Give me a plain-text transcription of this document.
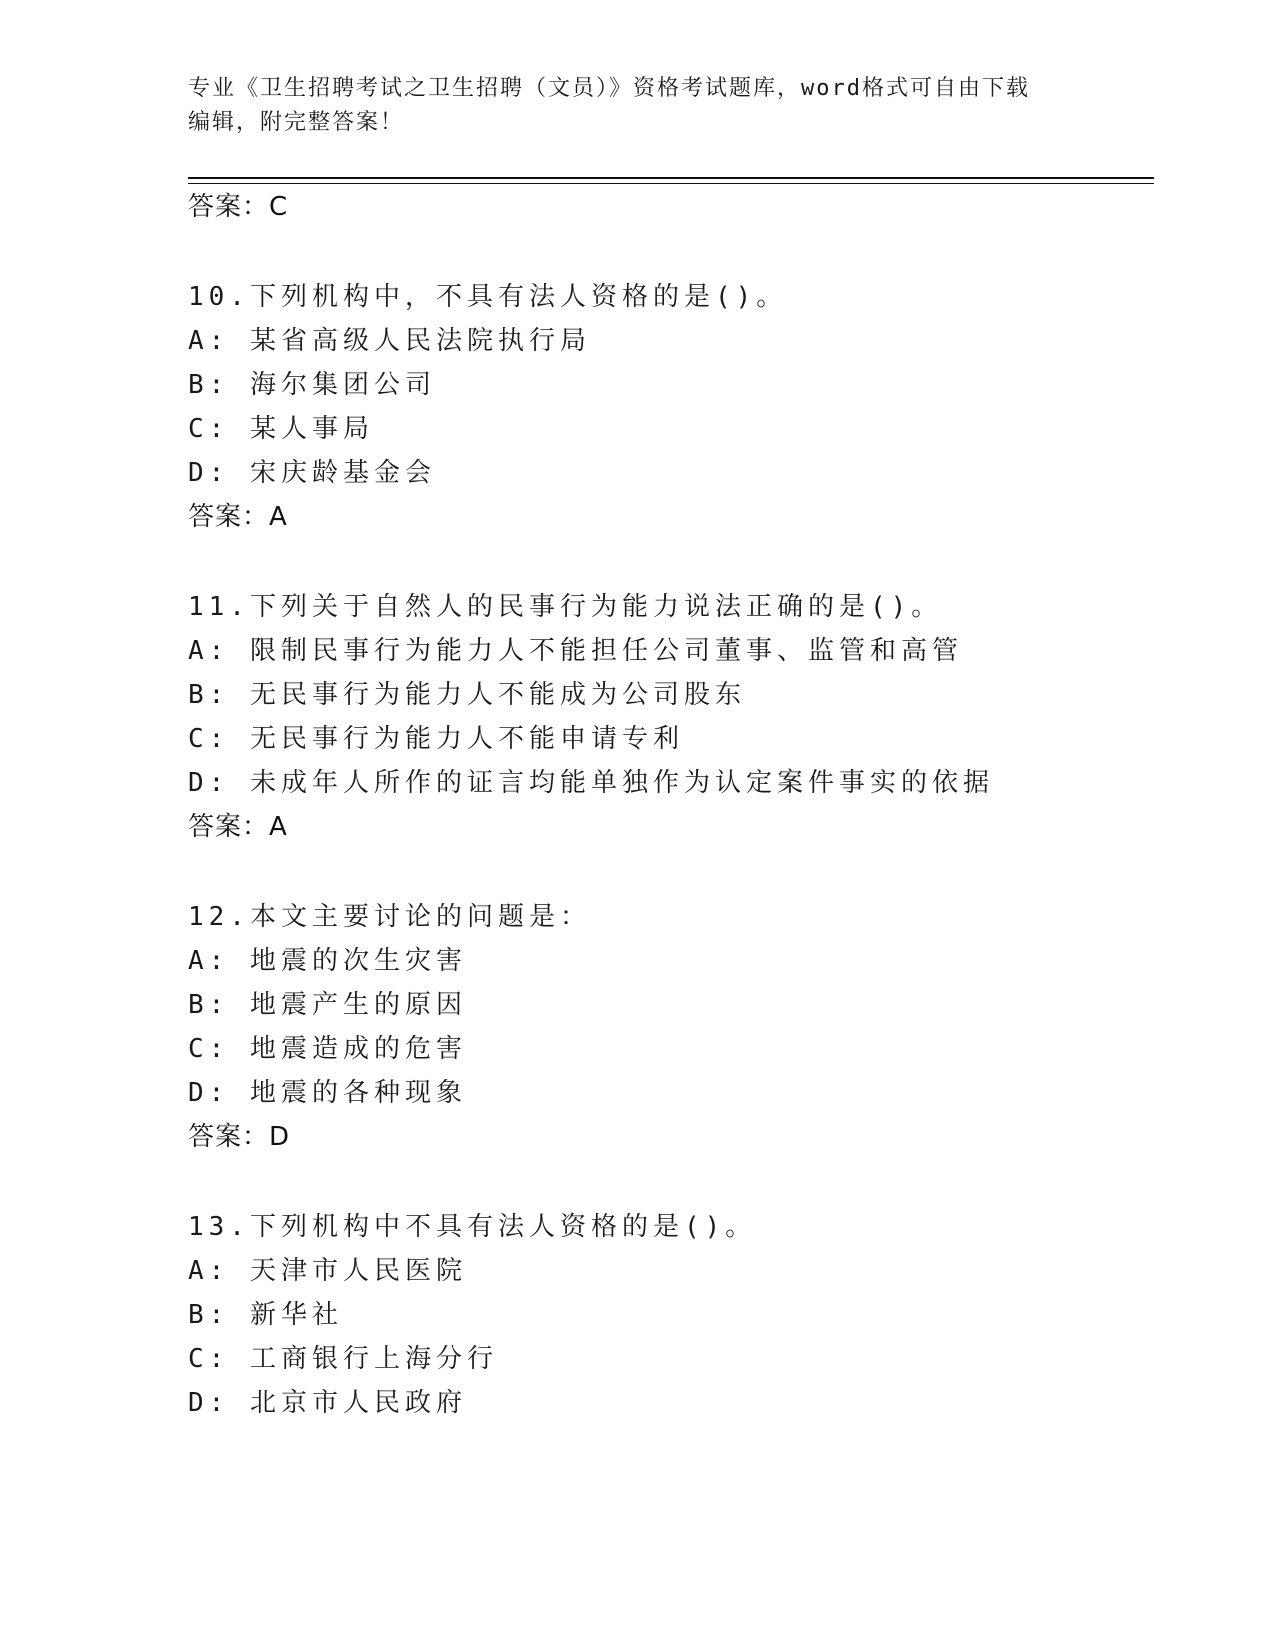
专业《卫生招聘考试之卫生招聘（文员）》资格考试题库，word格式可自由下载
编辑，附完整答案！
答案：C
10.下列机构中，不具有法人资格的是()。
A: 某省高级人民法院执行局
B: 海尔集团公司
C: 某人事局
D: 宋庆龄基金会
答案：A
11.下列关于自然人的民事行为能力说法正确的是()。
A: 限制民事行为能力人不能担任公司董事、监管和高管
B: 无民事行为能力人不能成为公司股东
C: 无民事行为能力人不能申请专利
D: 未成年人所作的证言均能单独作为认定案件事实的依据
答案：A
12.本文主要讨论的问题是：
A: 地震的次生灾害
B: 地震产生的原因
C: 地震造成的危害
D: 地震的各种现象
答案：D
13.下列机构中不具有法人资格的是()。
A: 天津市人民医院
B: 新华社
C: 工商银行上海分行
D: 北京市人民政府
